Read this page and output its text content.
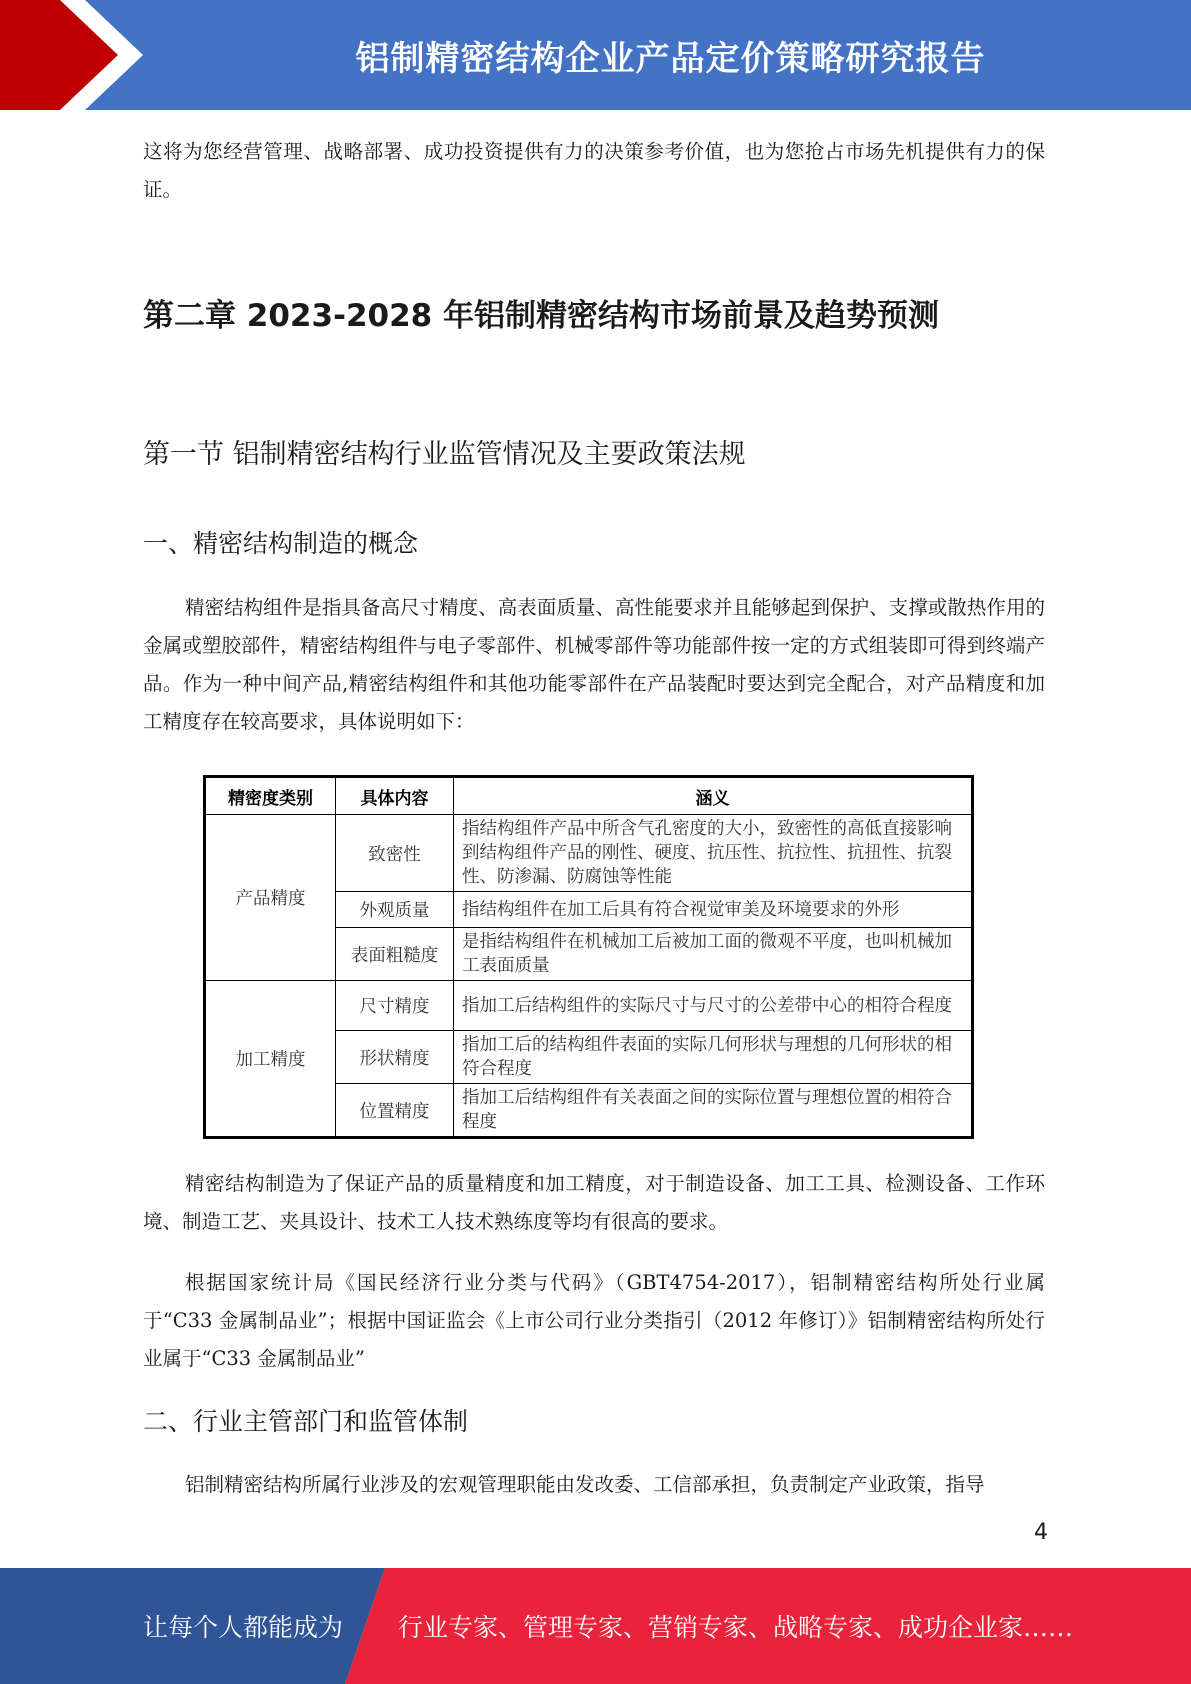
铝制精密结构企业产品定价策略研究报告

这将为您经营管理、战略部署、成功投资提供有力的决策参考价值，也为您抢占市场先机提供有力的保证。

第二章 2023-2028 年铝制精密结构市场前景及趋势预测
第一节 铝制精密结构行业监管情况及主要政策法规
一、精密结构制造的概念

精密结构组件是指具备高尺寸精度、高表面质量、高性能要求并且能够起到保护、支撑或散热作用的金属或塑胶部件，精密结构组件与电子零部件、机械零部件等功能部件按一定的方式组装即可得到终端产品。作为一种中间产品,精密结构组件和其他功能零部件在产品装配时要达到完全配合，对产品精度和加工精度存在较高要求，具体说明如下：

精密度类别	具体内容	涵义
产品精度	致密性	指结构组件产品中所含气孔密度的大小，致密性的高低直接影响到结构组件产品的刚性、硬度、抗压性、抗拉性、抗扭性、抗裂性、防渗漏、防腐蚀等性能
	外观质量	指结构组件在加工后具有符合视觉审美及环境要求的外形
	表面粗糙度	是指结构组件在机械加工后被加工面的微观不平度，也叫机械加工表面质量
加工精度	尺寸精度	指加工后结构组件的实际尺寸与尺寸的公差带中心的相符合程度
	形状精度	指加工后的结构组件表面的实际几何形状与理想的几何形状的相符合程度
	位置精度	指加工后结构组件有关表面之间的实际位置与理想位置的相符合程度

精密结构制造为了保证产品的质量精度和加工精度，对于制造设备、加工工具、检测设备、工作环境、制造工艺、夹具设计、技术工人技术熟练度等均有很高的要求。

根据国家统计局《国民经济行业分类与代码》（GBT4754-2017），铝制精密结构所处行业属于“C33 金属制品业”；根据中国证监会《上市公司行业分类指引（2012 年修订）》铝制精密结构所处行业属于“C33 金属制品业”

二、行业主管部门和监管体制

铝制精密结构所属行业涉及的宏观管理职能由发改委、工信部承担，负责制定产业政策，指导

4
让每个人都能成为 行业专家、管理专家、营销专家、战略专家、成功企业家……
